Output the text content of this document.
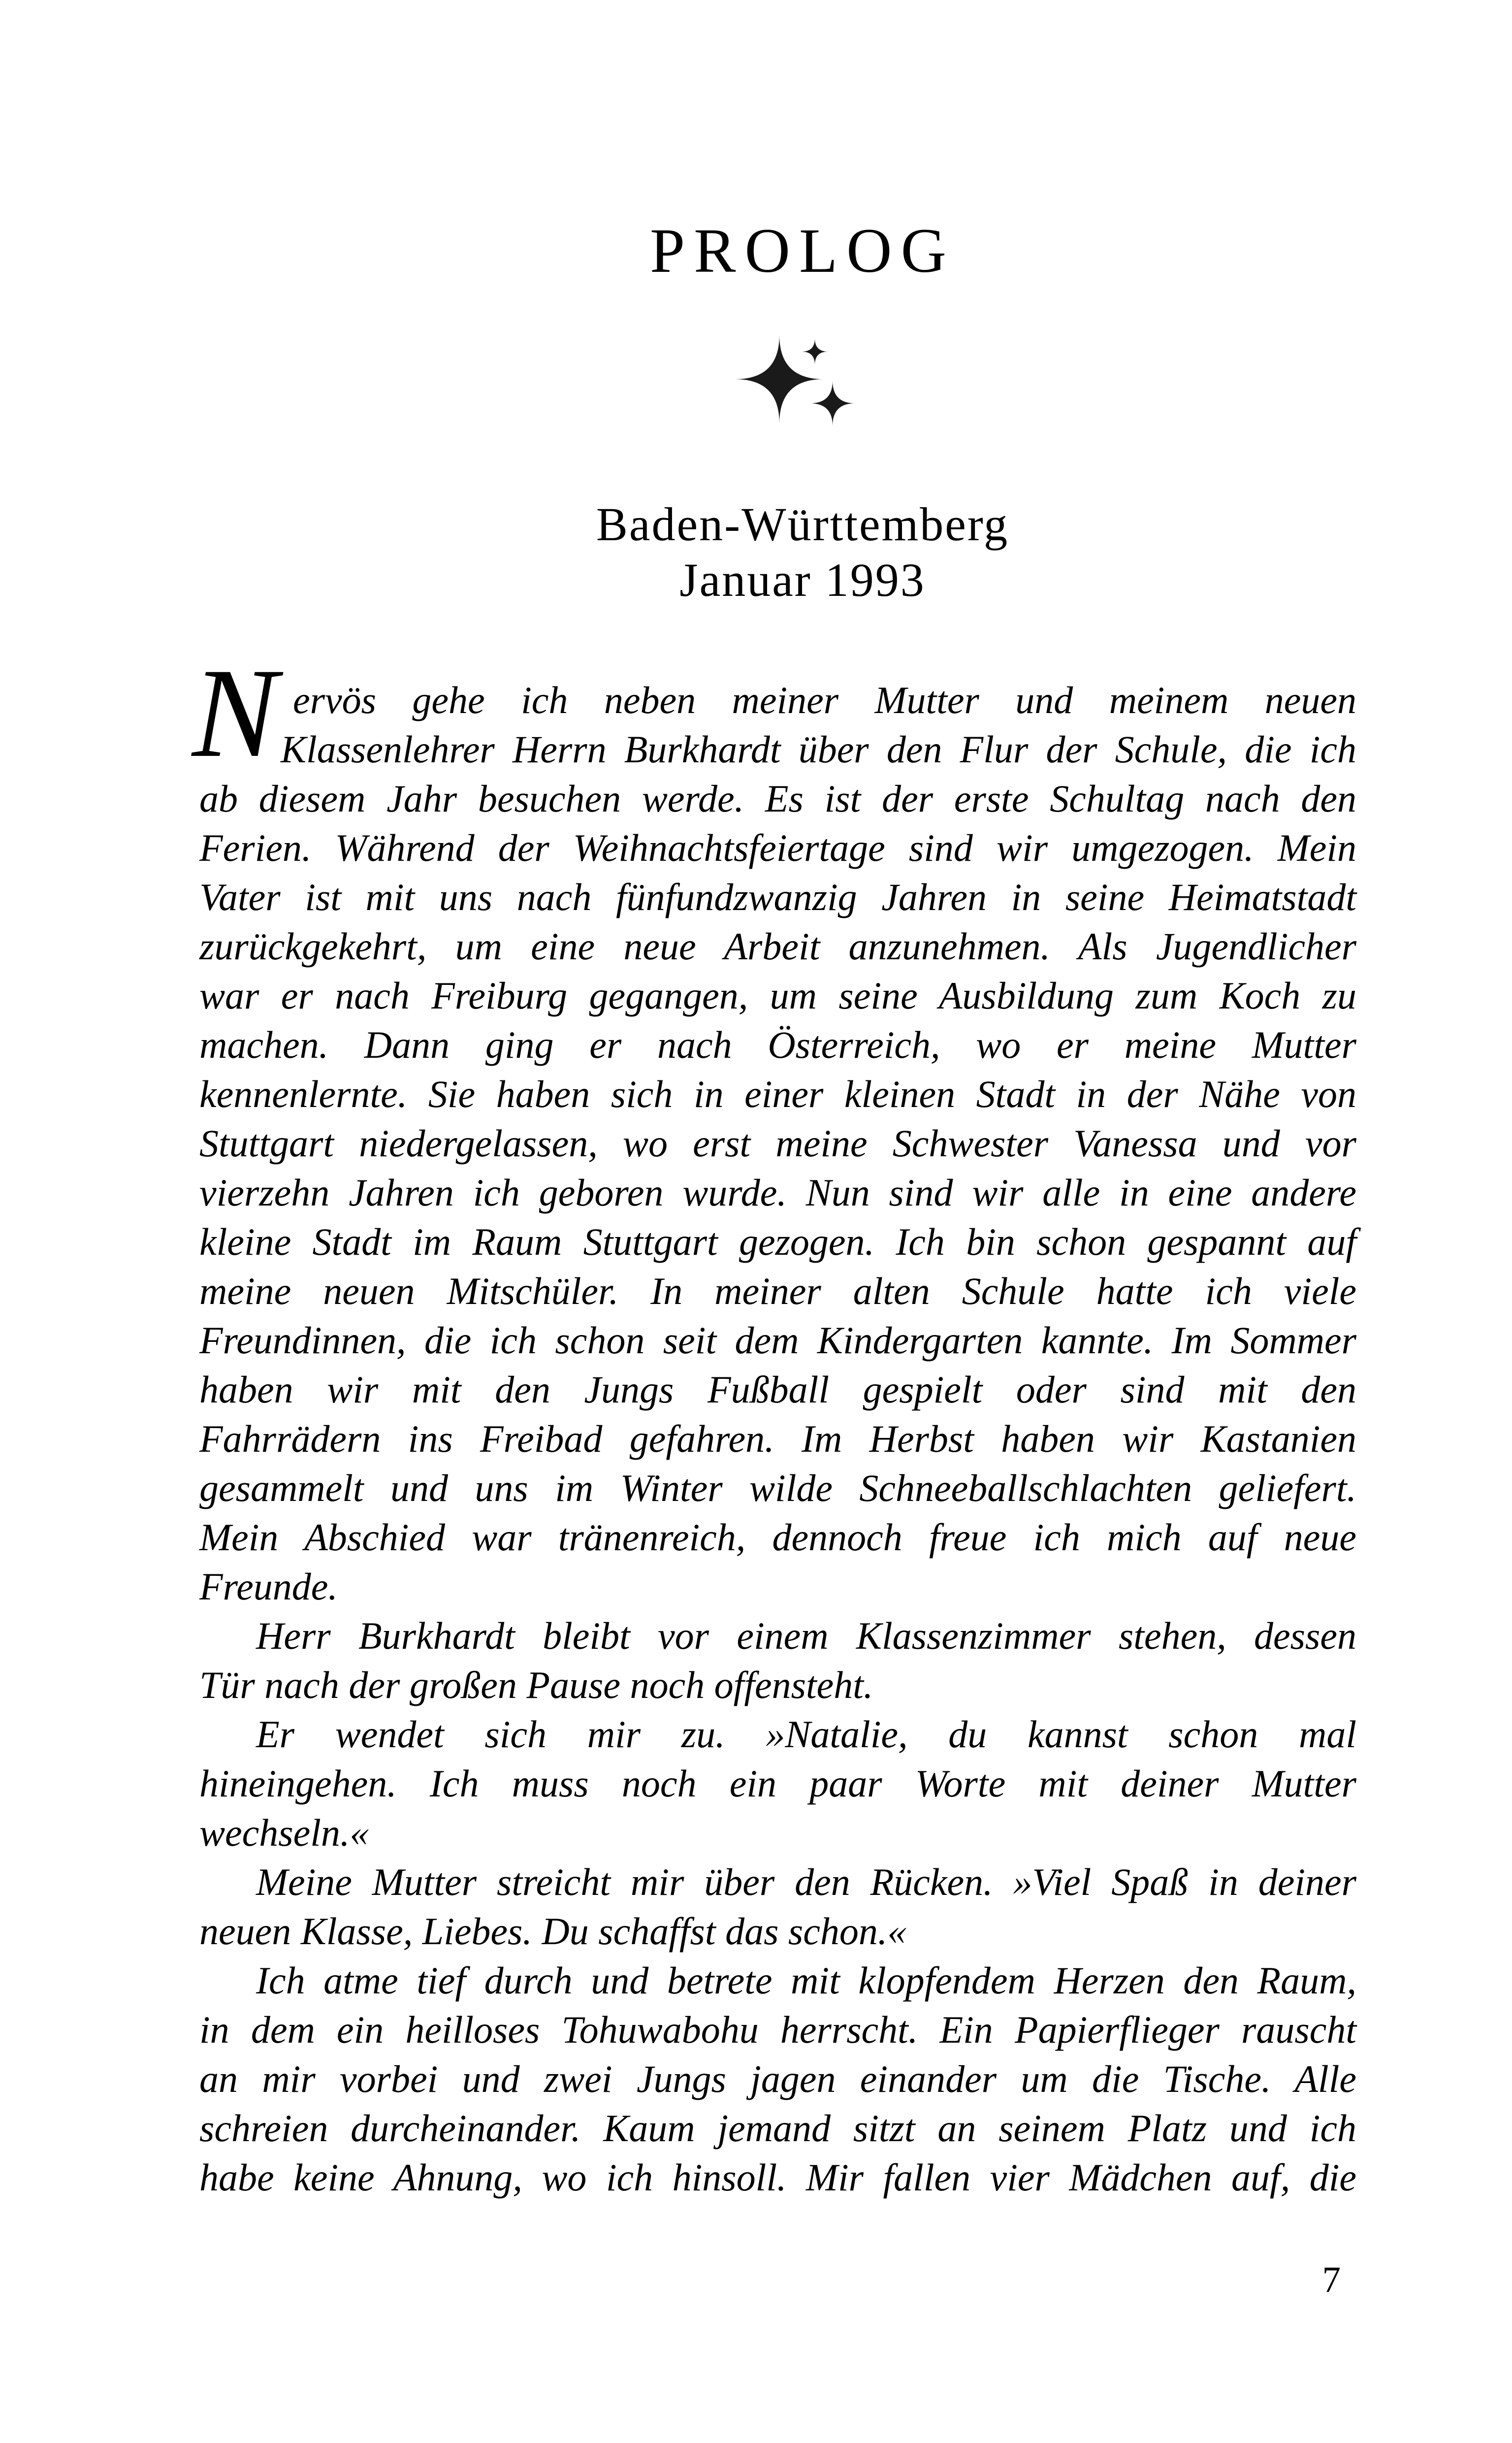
PROLOG
Baden-Württemberg
Januar 1993
N ervös gehe ich neben meiner Mutter und meinem neuen
Klassenlehrer Herrn Burkhardt über den Flur der Schule, die ich
ab diesem Jahr besuchen werde. Es ist der erste Schultag nach den
Ferien. Während der Weihnachtsfeiertage sind wir umgezogen. Mein
Vater ist mit uns nach fünfundzwanzig Jahren in seine Heimatstadt
zurückgekehrt, um eine neue Arbeit anzunehmen. Als Jugendlicher
war er nach Freiburg gegangen, um seine Ausbildung zum Koch zu
machen. Dann ging er nach Österreich, wo er meine Mutter
kennenlernte. Sie haben sich in einer kleinen Stadt in der Nähe von
Stuttgart niedergelassen, wo erst meine Schwester Vanessa und vor
vierzehn Jahren ich geboren wurde. Nun sind wir alle in eine andere
kleine Stadt im Raum Stuttgart gezogen. Ich bin schon gespannt auf
meine neuen Mitschüler. In meiner alten Schule hatte ich viele
Freundinnen, die ich schon seit dem Kindergarten kannte. Im Sommer
haben wir mit den Jungs Fußball gespielt oder sind mit den
Fahrrädern ins Freibad gefahren. Im Herbst haben wir Kastanien
gesammelt und uns im Winter wilde Schneeballschlachten geliefert.
Mein Abschied war tränenreich, dennoch freue ich mich auf neue
Freunde.
Herr Burkhardt bleibt vor einem Klassenzimmer stehen, dessen
Tür nach der großen Pause noch offensteht.
Er wendet sich mir zu. »Natalie, du kannst schon mal
hineingehen. Ich muss noch ein paar Worte mit deiner Mutter
wechseln.«
Meine Mutter streicht mir über den Rücken. »Viel Spaß in deiner
neuen Klasse, Liebes. Du schaffst das schon.«
Ich atme tief durch und betrete mit klopfendem Herzen den Raum,
in dem ein heilloses Tohuwabohu herrscht. Ein Papierflieger rauscht
an mir vorbei und zwei Jungs jagen einander um die Tische. Alle
schreien durcheinander. Kaum jemand sitzt an seinem Platz und ich
habe keine Ahnung, wo ich hinsoll. Mir fallen vier Mädchen auf, die
7
